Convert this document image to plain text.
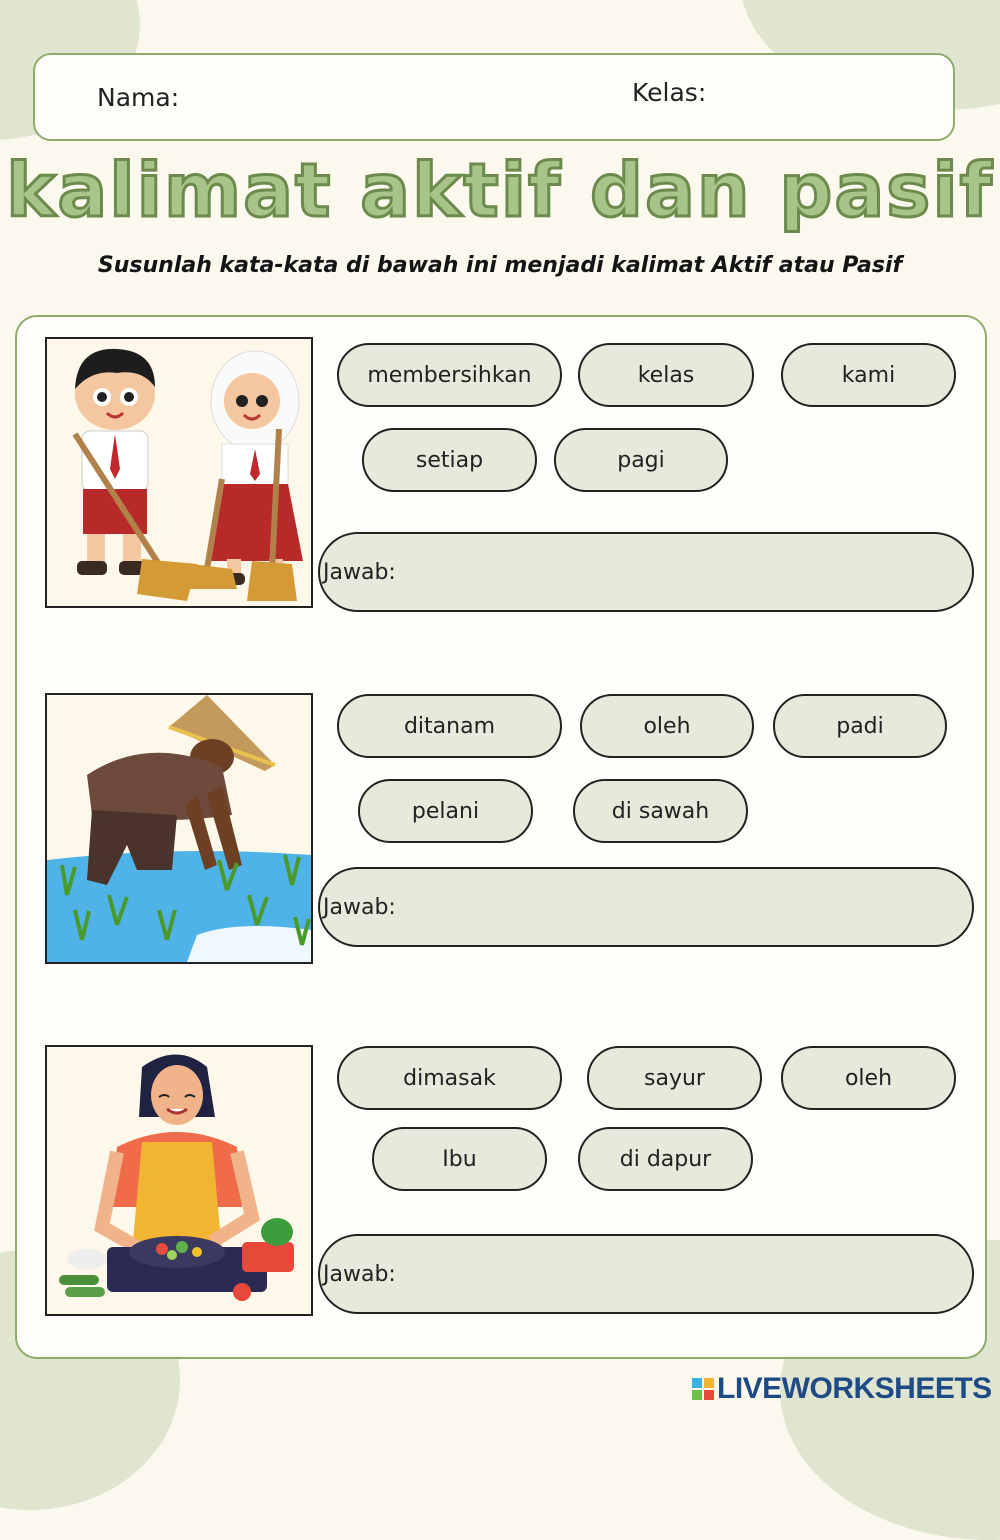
Nama:	Kelas:
kalimat aktif dan pasif
Susunlah kata-kata di bawah ini menjadi kalimat Aktif atau Pasif
membersihkan	kelas	kami
setiap	pagi
Jawab:
ditanam	oleh	padi
pelani	di sawah
Jawab:
dimasak	sayur	oleh
Ibu	di dapur
Jawab:
LIVEWORKSHEETS
